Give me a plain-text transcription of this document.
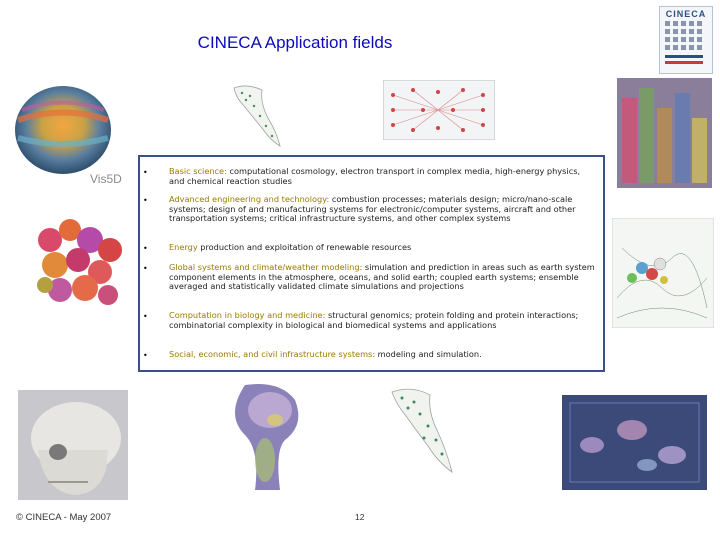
CINECA Application fields
CINECA
Vis5D	•	Basic science: computational cosmology, electron transport in complex media, high-energy physics, and chemical reaction studies
•	Advanced engineering and technology: combustion processes; materials design; micro/nano-scale systems; design of and manufacturing systems for electronic/computer systems, aircraft and other transportation systems; critical infrastructure systems, and other complex systems
•	Energy production and exploitation of renewable resources
•	Global systems and climate/weather modeling: simulation and prediction in areas such as earth system component elements in the atmosphere, oceans, and solid earth; coupled earth systems; ensemble averaged and statistically validated climate simulations and projections
•	Computation in biology and medicine: structural genomics; protein folding and protein interactions; combinatorial complexity in biological and biomedical systems and applications
•	Social, economic, and civil infrastructure systems: modeling and simulation.
© CINECA - May 2007	12
